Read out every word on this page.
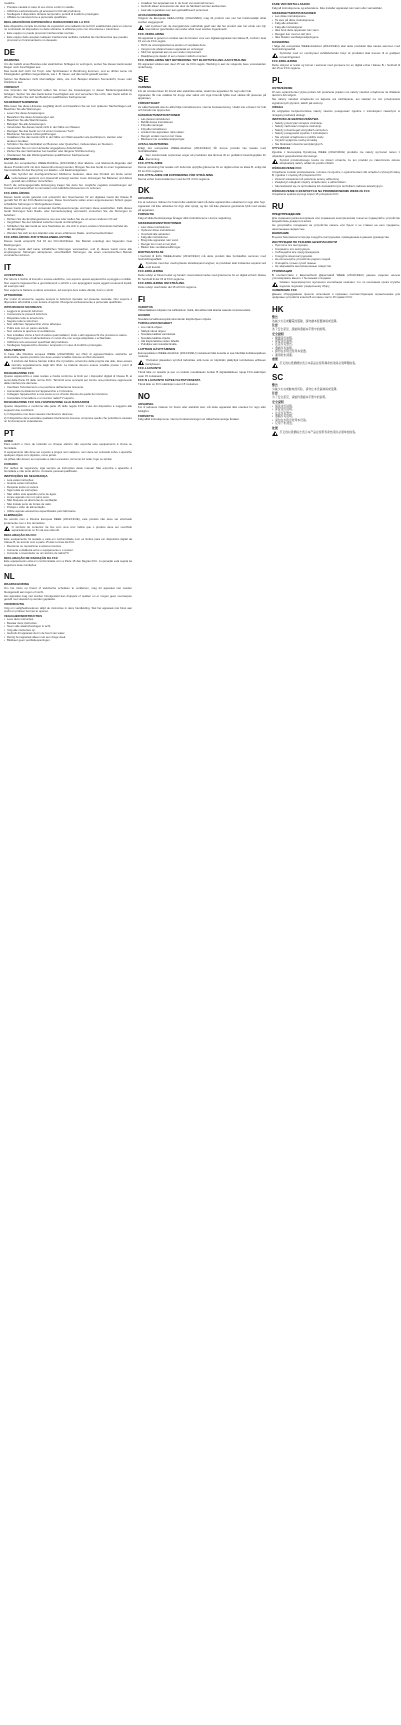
mediche.
• Prestare cautela in caso di uso vicino a tubi in metallo.
• Utilizzare esclusivamente gli accessori forniti dal produttore.
• Scollegare il dispositivo durante temporali o periodi di inutilizzo prolungato.
• Affidare la manutenzione a personale qualificato.
DECLARACIÓN DE EXPOSICIÓN A RADIACIONES DE LA FCC
Este dispositivo cumple los límites de exposición a la radiación de la FCC establecidos para un entorno no controlado. El dispositivo no debe ubicarse ni utilizarse junto con otra antena o transmisor.
• Este equipo no puede provocar interferencias nocivas.
• Este equipo debe aceptar cualquier interferencia recibida, incluidas las interferencias que puedan provocar un funcionamiento no deseado.
DE
WARNUNG
Um die Gefahr eines Brandes oder elektrischen Schlages zu verringern, setzen Sie dieses Gerät weder Regen noch Feuchtigkeit aus.
Das Gerät darf nicht mit Tropf- oder Spritzwasser in Berührung kommen, und es dürfen keine mit Flüssigkeiten gefüllten Gegenstände, wie z. B. Vasen, auf das Gerät gestellt werden.
Setzen Sie Batterien nicht übermäßiger Hitze, wie zum Beispiel direktem Sonnenlicht, Feuer oder Ähnlichem aus.
VORSICHT
Aus Gründen der Sicherheit sollten Sie immer die Anweisungen in dieser Bedienungsanleitung befolgen. Setzen Sie das Gerät keiner Feuchtigkeit aus und versuchen Sie nicht, das Gerät selbst zu öffnen. Wenden Sie sich bei Bedarf an qualifiziertes Fachpersonal.
SICHERHEITSHINWEISE
Bitte lesen Sie diese Hinweise sorgfältig durch und bewahren Sie sie zum späteren Nachschlagen auf. Beachten Sie alle Warnungen.
• Lesen Sie diese Anweisungen.
• Bewahren Sie diese Anweisungen auf.
• Beachten Sie alle Warnhinweise.
• Befolgen Sie alle Anweisungen.
• Verwenden Sie dieses Gerät nicht in der Nähe von Wasser.
• Reinigen Sie das Gerät nur mit einem trockenen Tuch.
• Blockieren Sie keine Lüftungsöffnungen.
• Installieren Sie das Gerät nicht in der Nähe von Wärmequellen wie Heizkörpern, Herden oder anderen Geräten.
• Schützen Sie das Netzkabel vor Betreten oder Quetschen, insbesondere an Steckern.
• Verwenden Sie nur vom Hersteller angegebene Zubehörteile.
• Ziehen Sie den Netzstecker bei Gewitter oder längerer Nichtbenutzung.
• Überlassen Sie alle Wartungsarbeiten qualifiziertem Fachpersonal.
ENTSORGUNG
Gemäß der europäischen WEEE-Richtlinie (2012/19/EU) über Elektro- und Elektronik-Altgeräte darf dieses Produkt nicht mit dem Hausmüll entsorgt werden. Bringen Sie das Gerät zu einer zugelassenen Sammelstelle für das Recycling von Elektro- und Elektronikgeräten.
Das Symbol der durchgestrichenen Mülltonne bedeutet, dass das Produkt am Ende seiner Lebensdauer getrennt vom Hausmüll entsorgt werden muss. Entsorgen Sie Batterien und Akkus gemäß den örtlichen Vorschriften.
Durch die ordnungsgemäße Entsorgung tragen Sie dazu bei, mögliche negative Auswirkungen auf Umwelt und Gesundheit zu vermeiden und natürliche Ressourcen zu schonen.
FCC-ERKLÄRUNG
Dieses Gerät wurde getestet und entspricht den Grenzwerten für ein digitales Gerät der Klasse B gemäß Teil 15 der FCC-Bestimmungen. Diese Grenzwerte sollen einen angemessenen Schutz gegen schädliche Störungen in Wohngebieten bieten.
Dieses Gerät erzeugt und verwendet Hochfrequenzenergie und kann diese ausstrahlen. Falls dieses Gerät Störungen beim Radio- oder Fernsehempfang verursacht, versuchen Sie, die Störungen zu beheben:
• Richten Sie die Empfangsantenne neu aus oder stellen Sie sie an einem anderen Ort auf.
• Vergrößern Sie den Abstand zwischen Gerät und Empfänger.
• Schließen Sie das Gerät an eine Steckdose an, die sich in einem anderen Stromkreis befindet als der Empfänger.
• Wenden Sie sich an den Händler oder einen erfahrenen Radio- und Fernsehtechniker.
FCC-ERKLÄRUNG ZUR STRAHLENBELASTUNG
Dieses Gerät entspricht Teil 15 der FCC-Richtlinien. Der Betrieb unterliegt den folgenden zwei Bedingungen:
1) Dieses Gerät darf keine schädlichen Störungen verursachen, und 2) dieses Gerät muss alle empfangenen Störungen akzeptieren, einschließlich Störungen, die einen unerwünschten Betrieb verursachen können.
IT
AVVERTENZA
Per ridurre il rischio di incendi o scosse elettriche, non esporre questo apparecchio a pioggia o umidità.
Non esporre l'apparecchio a gocciolamenti o schizzi e non appoggiarvi sopra oggetti contenenti liquidi, ad esempio vasi.
Non esporre le batterie a calore eccessivo, ad esempio luce solare diretta, fuoco o simili.
ATTENZIONE
Per motivi di sicurezza, seguire sempre le istruzioni riportate nel presente manuale. Non esporre il dispositivo all'umidità e non tentare di aprirlo. Rivolgersi esclusivamente a personale qualificato.
ISTRUZIONI DI SICUREZZA
• Leggere le presenti istruzioni.
• Conservare le presenti istruzioni.
• Rispettare tutte le avvertenze.
• Seguire tutte le istruzioni.
• Non utilizzare l'apparecchio vicino all'acqua.
• Pulire solo con un panno asciutto.
• Non ostruire le aperture di ventilazione.
• Non installare vicino a fonti di calore quali radiatori, stufe o altri apparecchi che producono calore.
• Proteggere il cavo di alimentazione in modo che non venga calpestato o schiacciato.
• Utilizzare solo accessori specificati dal produttore.
• Scollegare l'apparecchio durante i temporali o in caso di inutilizzo prolungato.
SMALTIMENTO
In base alla Direttiva europea WEEE (2012/19/UE) sui rifiuti di apparecchiature elettriche ed elettroniche, questo prodotto non deve essere smaltito insieme ai rifiuti domestici.
Il simbolo del bidone barrato indica che il prodotto, al termine della propria vita utile, deve essere raccolto separatamente dagli altri rifiuti. Le batterie devono essere smaltite presso i punti di raccolta appositi.
DICHIARAZIONE FCC
Questo apparecchio è stato testato e risulta conforme ai limiti per i dispositivi digitali di Classe B, ai sensi della Parte 15 delle norme FCC. Tali limiti sono concepiti per fornire una protezione ragionevole dalle interferenze dannose.
• Cambiare l'orientamento o la posizione dell'antenna ricevente.
• Aumentare la distanza tra l'apparecchio e il ricevitore.
• Collegare l'apparecchio a una presa su un circuito diverso da quello del ricevitore.
• Consultare il rivenditore o un tecnico radio/TV esperto.
DICHIARAZIONE FCC SULL'ESPOSIZIONE ALLE RADIAZIONI
Questo dispositivo è conforme alla parte 15 delle regole FCC. L'uso del dispositivo è soggetto alle seguenti due condizioni:
1) Il dispositivo non deve causare interferenze dannose.
2) Il dispositivo deve accettare qualsiasi interferenza ricevuta, comprese quelle che potrebbero causare un funzionamento indesiderato.
PT
AVISO
Para reduzir o risco de incêndio ou choque elétrico não exponha este equipamento à chuva ou humidade.
O equipamento não deve ser exposto a pingos nem salpicos, nem deve ser colocado sobre o aparelho qualquer objeto com líquidos, como jarras.
As pilhas não devem ser expostas a calor excessivo, tal como luz solar, fogo ou similar.
CUIDADO
Por razões de segurança, siga sempre as instruções deste manual. Não exponha o aparelho à humidade e não tente abri-lo. Contacte pessoal qualificado.
INSTRUÇÕES DE SEGURANÇA
• Leia estas instruções.
• Guarde estas instruções.
• Respeite todos os avisos.
• Siga todas as instruções.
• Não utilize este aparelho perto de água.
• Limpe apenas com um pano seco.
• Não bloqueie as aberturas de ventilação.
• Não instale perto de fontes de calor.
• Proteja o cabo de alimentação.
• Utilize apenas acessórios especificados pelo fabricante.
ELIMINAÇÃO
De acordo com a Diretiva Europeia REEE (2012/19/UE), este produto não deve ser eliminado juntamente com o lixo doméstico.
O símbolo do contentor de lixo com uma cruz indica que o produto deve ser recolhido separadamente no fim da sua vida útil.
DECLARAÇÃO DA FCC
Este equipamento foi testado e está em conformidade com os limites para um dispositivo digital da Classe B, de acordo com a parte 15 das normas da FCC.
• Reoriente ou reposicione a antena recetora.
• Aumente a distância entre o equipamento e o recetor.
• Consulte o revendedor ou um técnico de rádio/TV.
DECLARAÇÃO DE RADIAÇÃO DA FCC
Este equipamento está em conformidade com a Parte 15 das Regras FCC. A operação está sujeita às seguintes duas condições.
NL
WAARSCHUWING
Om het risico op brand of elektrische schokken te verkleinen, mag dit apparaat niet worden blootgesteld aan regen of vocht.
Het apparaat mag niet worden blootgesteld aan druppels of spatten en er mogen geen voorwerpen gevuld met vloeistof op worden geplaatst.
VOORZICHTIG
Volg om veiligheidsredenen altijd de instructies in deze handleiding. Stel het apparaat niet bloot aan vocht en probeer het niet te openen.
VEILIGHEIDSINSTRUCTIES
• Lees deze instructies.
• Bewaar deze instructies.
• Neem alle waarschuwingen in acht.
• Volg alle instructies op.
• Gebruik dit apparaat niet in de buurt van water.
• Reinig het apparaat alleen met een droge doek.
• Blokkeer geen ventilatieopeningen.
• Installeer het apparaat niet in de buurt van warmtebronnen.
• Gebruik alleen accessoires die door de fabrikant worden aanbevolen.
• Laat alle reparaties over aan gekwalificeerd personeel.
AFVALVERWIJDERING
Volgens de Europese AEEA-richtlijn (2012/19/EU) mag dit product niet met het huishoudelijk afval worden weggegooid.
Het symbool van de doorgekruiste vuilnisbak geeft aan dat het product aan het einde van zijn levensduur gescheiden van ander afval moet worden ingezameld.
FCC-VERKLARING
Dit apparaat is getest en voldoet aan de limieten voor een digitaal apparaat van klasse B, conform deel 15 van de FCC-regels.
• Richt de ontvangstantenne anders of verplaats deze.
• Vergroot de afstand tussen apparaat en ontvanger.
• Sluit het apparaat aan op een ander stopcontact.
• Raadpleeg de dealer of een ervaren radio/tv-monteur.
FCC-VERKLARING MET BETREKKING TOT BLOOTSTELLING AAN STRALING
Dit apparaat voldoet aan deel 15 van de FCC-regels. Werking is aan de volgende twee voorwaarden onderhevig.
SE
VARNING
För att minska risken för brand eller elektriska stötar, utsätt inte apparaten för regn eller fukt.
Apparaten får inte utsättas för dropp eller stänk och inga föremål fyllda med vätska får placeras på apparaten.
FÖRSIKTIGHET
Av säkerhetsskäl ska du alltid följa instruktionerna i denna bruksanvisning. Utsätt inte enheten för fukt och försök inte öppna den.
SÄKERHETSINSTRUKTIONER
• Läs dessa instruktioner.
• Behåll dessa instruktioner.
• Följ alla varningar.
• Följ alla instruktioner.
• Använd inte apparaten nära vatten.
• Rengör endast med en torr trasa.
• Blockera inte ventilationsöppningar.
AVFALLSHANTERING
Enligt det europeiska WEEE-direktivet (2012/19/EU) får denna produkt inte kastas med hushållsavfallet.
Den överkorsade soptunnan anger att produkten ska lämnas till en godkänd insamlingsplats för återvinning.
FCC-UTTALANDE
Denna utrustning har testats och befunnits uppfylla gränserna för en digital enhet av klass B, enligt del 15 av FCC-reglerna.
FCC-UTTALANDE OM EXPONERING FÖR STRÅLNING
Denna enhet överensstämmer med del 15 i FCC-reglerna.
DK
ADVARSEL
For at reducere risikoen for brand eller elektrisk stød må dette apparat ikke udsættes for regn eller fugt.
Apparatet må ikke udsættes for dryp eller sprøjt, og der må ikke placeres genstande fyldt med væske på apparatet.
FORSIGTIG
Følg af sikkerhedsmæssige årsager altid instruktionerne i denne vejledning.
SIKKERHEDSINSTRUKTIONER
• Læs disse instruktioner.
• Opbevar disse instruktioner.
• Overhold alle advarsler.
• Følg alle instruktioner.
• Brug ikke apparatet nær vand.
• Rengør kun med en tør klud.
• Bloker ikke ventilationsåbninger.
BORTSKAFFELSE
I henhold til EU's WEEE-direktiv (2012/19/EU) må dette produkt ikke bortskaffes sammen med husholdningsaffald.
Symbolet med den overkrydsede skraldespand angiver, at produktet skal indsamles separat ved endt levetid.
FCC-ERKLÆRING
Dette udstyr er blevet testet og fundet i overensstemmelse med grænserne for en digital enhed i klasse B i henhold til del 15 af FCC-reglerne.
FCC-ERKLÆRING OM STRÅLING
Dette udstyr overholder del 15 af FCC-reglerne.
FI
VAROITUS
Vähentääksesi tulipalon tai sähköiskun riskiä, älä altista tätä laitetta sateelle tai kosteudelle.
HUOMIO
Noudata turvallisuussyistä aina tämän käyttöohjeen ohjeita.
TURVALLISUUSOHJEET
• Lue nämä ohjeet.
• Säilytä nämä ohjeet.
• Noudata kaikkia varoituksia.
• Noudata kaikkia ohjeita.
• Älä käytä laitetta veden lähellä.
• Puhdista vain kuivalla liinalla.
LAITTEEN HÄVITTÄMINEN
Eurooppalaisen WEEE-direktiivin (2012/19/EU) mukaisesti tätä tuotetta ei saa hävittää kotitalousjätteen mukana.
Yliviivatun jäteastian symboli tarkoittaa, että tuote on käyttöiän päätyttyä toimitettava erilliseen keräykseen.
FCC-LAUSUNTO
Tämä laite on testattu ja sen on todettu noudattavan luokan B digitaalilaitteen rajoja FCC-sääntöjen osan 15 mukaisesti.
FCC:N LAUSUNTO SÄTEILYALTISTUKSESTA
Tämä laite on FCC-sääntöjen osan 15 mukainen.
NO
ADVARSEL
For å redusere risikoen for brann eller elektrisk støt, må dette apparatet ikke utsettes for regn eller fuktighet.
FORSIKTIG
Følg alltid instruksjonene i denne bruksanvisningen av sikkerhetsmessige årsaker.
FARE VED INSTALLASJON
Følg all instruksjonene og advarslene. Ikke installer apparatet nær vann eller varmekilder.
SIKKERHETSINSTRUKSJONER
• Les disse instruksjonene.
• Ta vare på disse instruksjonene.
• Følg alle advarsler.
• Følg alle instruksjoner.
• Ikke bruk dette apparatet nær vann.
• Rengjør kun med en tørr klut.
• Ikke blokker ventilasjonsåpningene.
KASSERING
I følge det europeiske WEEE-direktivet (2012/19/EU) skal dette produktet ikke kastes sammen med husholdningsavfall.
Symbolet med en overkrysset avfallsbeholder betyr at produktet skal leveres til et godkjent innsamlingssted.
FCC-ERKLÆRING
Dette utstyret er testet og funnet i samsvar med grensene for en digital enhet i klasse B, i henhold til del 15 av FCC-reglene.
PL
OSTRZEŻENIE
W celu ograniczenia ryzyka pożaru lub porażenia prądem nie należy narażać urządzenia na działanie deszczu lub wilgoci.
Nie należy narażać urządzenia na kapanie ani zachlapanie, ani stawiać na nim przedmiotów wypełnionych płynami, takich jak wazony.
UWAGA
Ze względów bezpieczeństwa należy zawsze postępować zgodnie z instrukcjami zawartymi w niniejszej instrukcji obsługi.
INSTRUKCJE BEZPIECZEŃSTWA
• Należy przeczytać niniejsze instrukcje.
• Należy zachować niniejsze instrukcje.
• Należy przestrzegać wszystkich ostrzeżeń.
• Należy postępować zgodnie z instrukcjami.
• Nie używać urządzenia w pobliżu wody.
• Czyścić wyłącznie suchą szmatką.
• Nie blokować otworów wentylacyjnych.
UTYLIZACJA
Zgodnie z Europejską Dyrektywą WEEE (2012/19/UE) produktu nie należy wyrzucać razem z odpadami gospodarstwa domowego.
Symbol przekreślonego kosza na śmieci oznacza, że ten produkt po zakończeniu okresu eksploatacji należy oddać do punktu zbiórki.
OŚWIADCZENIE FCC
Urządzenie zostało przetestowane i uznane za zgodne z ograniczeniami dla urządzeń cyfrowych klasy B, zgodnie z częścią 15 przepisów FCC.
• Zmienić ustawienie lub położenie anteny odbiorczej.
• Zwiększyć odległość między urządzeniem a odbiornikiem.
• Skonsultować się ze sprzedawcą lub doświadczonym technikiem radiowo-telewizyjnym.
OŚWIADCZENIE O EKSPOZYCJI NA PROMIENIOWANIE WEDŁUG FCC
Urządzenie spełnia wymogi części 15 przepisów FCC.
RU
ПРЕДУПРЕЖДЕНИЕ
Для снижения риска возгорания или поражения электрическим током не подвергайте устройство воздействию дождя или влаги.
Не допускайте попадания на устройство капель или брызг и не ставьте на него предметы, наполненные жидкостью.
ВНИМАНИЕ
В целях безопасности всегда следуйте инструкциям, приведённым в данном руководстве.
ИНСТРУКЦИИ ПО ТЕХНИКЕ БЕЗОПАСНОСТИ
• Прочтите эти инструкции.
• Сохраните эти инструкции.
• Соблюдайте все предупреждения.
• Следуйте всем инструкциям.
• Не используйте устройство рядом с водой.
• Очищайте только сухой тканью.
• Не закрывайте вентиляционные отверстия.
УТИЛИЗАЦИЯ
В соответствии с Европейской Директивой WEEE (2012/19/EU) данное изделие нельзя утилизировать вместе с бытовыми отходами.
Символ перечёркнутого мусорного контейнера означает, что по окончании срока службы изделие подлежит раздельному сбору.
ЗАЯВЛЕНИЕ FCC
Данное оборудование прошло испытания и признано соответствующим ограничениям для цифровых устройств класса B согласно части 15 правил FCC.
HK
警告
為減少火災或觸電的風險，請勿讓本裝置淋雨或受潮。
注意
為了安全起見，請始終遵循本手冊中的說明。
安全說明
• 閱讀這些說明。
• 保留這些說明。
• 注意所有警告。
• 遵循所有說明。
• 請勿在水附近使用本裝置。
• 僅用乾布清潔。
棄置
打叉的垃圾桶標誌表示本產品在使用壽命結束時必須單獨收集。
SC
警告
为减少火灾或触电的风险，请勿让本设备淋雨或受潮。
注意
为了安全起见，请始终遵循本手册中的说明。
安全说明
• 阅读这些说明。
• 保留这些说明。
• 注意所有警告。
• 遵循所有说明。
• 请勿在水附近使用本设备。
• 仅用干布清洁。
处置
打叉的垃圾桶标志表示本产品在使用寿命结束时必须单独收集。
